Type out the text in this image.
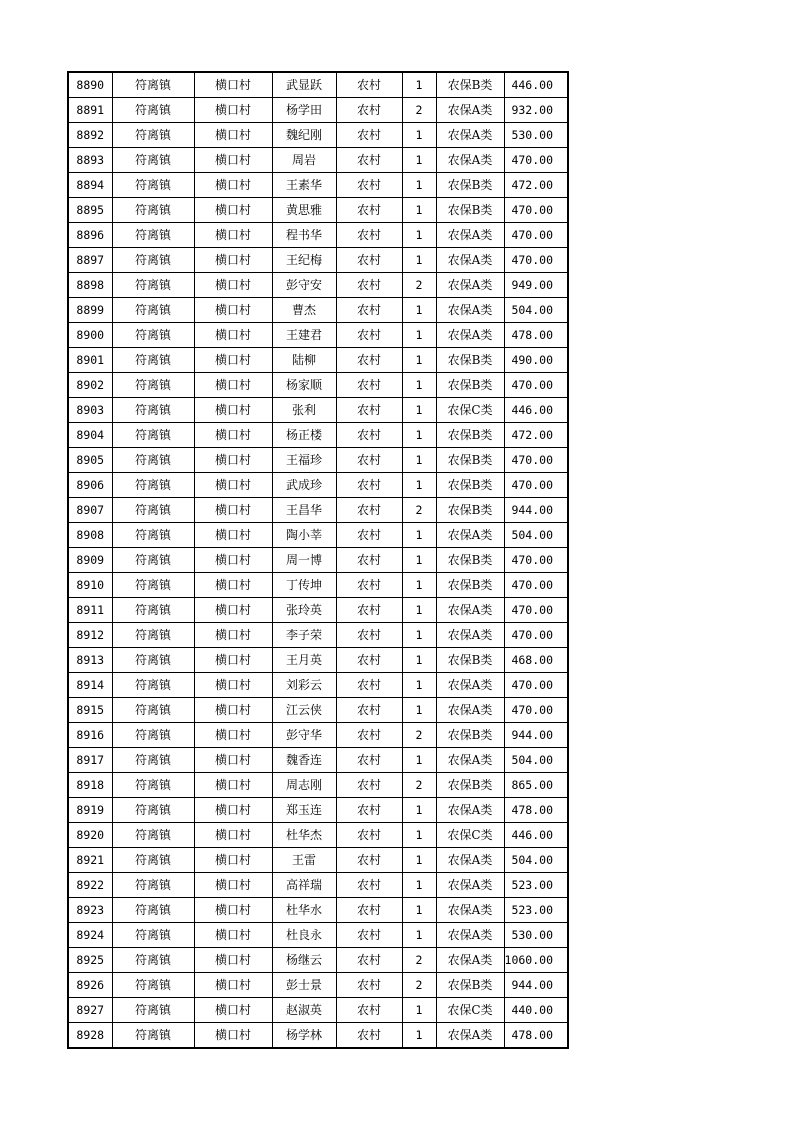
8890	符离镇	横口村	武显跃	农村	1	农保B类	446.00
8891	符离镇	横口村	杨学田	农村	2	农保A类	932.00
8892	符离镇	横口村	魏纪刚	农村	1	农保A类	530.00
8893	符离镇	横口村	周岩	农村	1	农保A类	470.00
8894	符离镇	横口村	王素华	农村	1	农保B类	472.00
8895	符离镇	横口村	黄思雅	农村	1	农保B类	470.00
8896	符离镇	横口村	程书华	农村	1	农保A类	470.00
8897	符离镇	横口村	王纪梅	农村	1	农保A类	470.00
8898	符离镇	横口村	彭守安	农村	2	农保A类	949.00
8899	符离镇	横口村	曹杰	农村	1	农保A类	504.00
8900	符离镇	横口村	王建君	农村	1	农保A类	478.00
8901	符离镇	横口村	陆柳	农村	1	农保B类	490.00
8902	符离镇	横口村	杨家顺	农村	1	农保B类	470.00
8903	符离镇	横口村	张利	农村	1	农保C类	446.00
8904	符离镇	横口村	杨正楼	农村	1	农保B类	472.00
8905	符离镇	横口村	王福珍	农村	1	农保B类	470.00
8906	符离镇	横口村	武成珍	农村	1	农保B类	470.00
8907	符离镇	横口村	王昌华	农村	2	农保B类	944.00
8908	符离镇	横口村	陶小莘	农村	1	农保A类	504.00
8909	符离镇	横口村	周一博	农村	1	农保B类	470.00
8910	符离镇	横口村	丁传坤	农村	1	农保B类	470.00
8911	符离镇	横口村	张玲英	农村	1	农保A类	470.00
8912	符离镇	横口村	李子荣	农村	1	农保A类	470.00
8913	符离镇	横口村	王月英	农村	1	农保B类	468.00
8914	符离镇	横口村	刘彩云	农村	1	农保A类	470.00
8915	符离镇	横口村	江云侠	农村	1	农保A类	470.00
8916	符离镇	横口村	彭守华	农村	2	农保B类	944.00
8917	符离镇	横口村	魏香连	农村	1	农保A类	504.00
8918	符离镇	横口村	周志刚	农村	2	农保B类	865.00
8919	符离镇	横口村	郑玉连	农村	1	农保A类	478.00
8920	符离镇	横口村	杜华杰	农村	1	农保C类	446.00
8921	符离镇	横口村	王雷	农村	1	农保A类	504.00
8922	符离镇	横口村	高祥瑞	农村	1	农保A类	523.00
8923	符离镇	横口村	杜华水	农村	1	农保A类	523.00
8924	符离镇	横口村	杜良永	农村	1	农保A类	530.00
8925	符离镇	横口村	杨继云	农村	2	农保A类	1060.00
8926	符离镇	横口村	彭士景	农村	2	农保B类	944.00
8927	符离镇	横口村	赵淑英	农村	1	农保C类	440.00
8928	符离镇	横口村	杨学林	农村	1	农保A类	478.00
